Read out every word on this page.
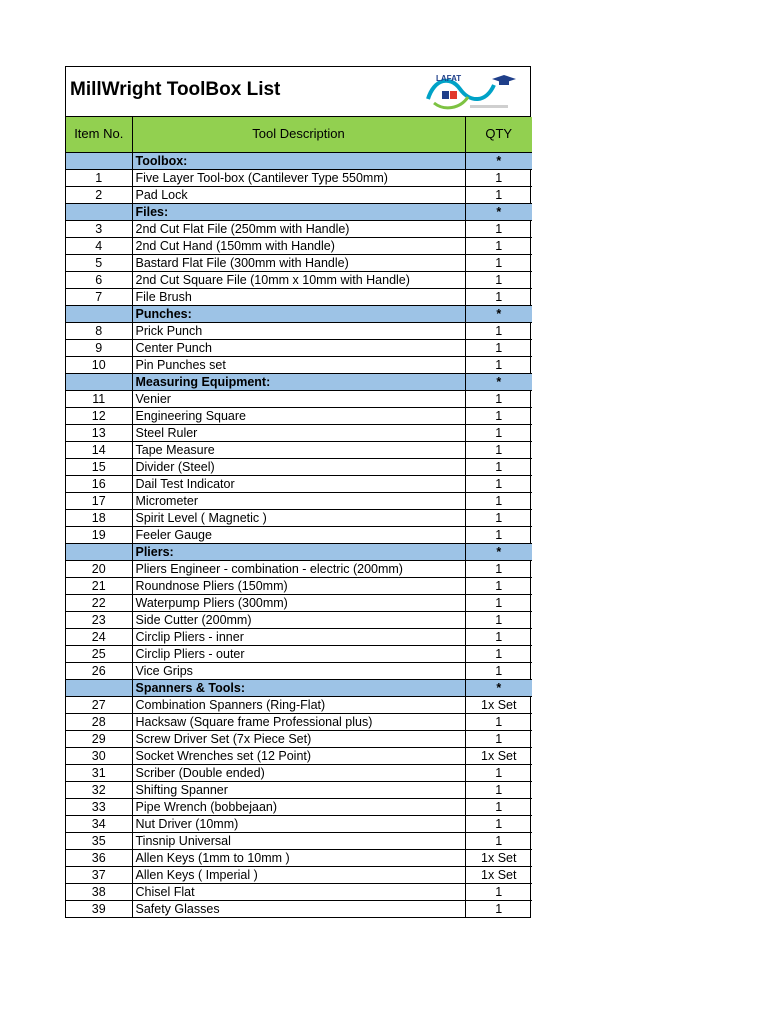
MillWright ToolBox List
LAFAT
Item No.	Tool Description	QTY
	Toolbox:	*
1	Five Layer Tool-box (Cantilever Type 550mm)	1
2	Pad Lock	1
	Files:	*
3	2nd Cut Flat File (250mm with Handle)	1
4	2nd Cut Hand (150mm with Handle)	1
5	Bastard Flat File (300mm with Handle)	1
6	2nd Cut Square File (10mm x 10mm with Handle)	1
7	File Brush	1
	Punches:	*
8	Prick Punch	1
9	Center Punch	1
10	Pin Punches set	1
	Measuring Equipment:	*
11	Venier	1
12	Engineering Square	1
13	Steel Ruler	1
14	Tape Measure	1
15	Divider (Steel)	1
16	Dail Test Indicator	1
17	Micrometer	1
18	Spirit Level ( Magnetic )	1
19	Feeler Gauge	1
	Pliers:	*
20	Pliers Engineer - combination - electric (200mm)	1
21	Roundnose Pliers (150mm)	1
22	Waterpump Pliers (300mm)	1
23	Side Cutter (200mm)	1
24	Circlip Pliers - inner	1
25	Circlip Pliers - outer	1
26	Vice Grips	1
	Spanners & Tools:	*
27	Combination Spanners (Ring-Flat)	1x Set
28	Hacksaw (Square frame Professional plus)	1
29	Screw Driver Set (7x Piece Set)	1
30	Socket Wrenches set (12 Point)	1x Set
31	Scriber (Double ended)	1
32	Shifting Spanner	1
33	Pipe Wrench (bobbejaan)	1
34	Nut Driver (10mm)	1
35	Tinsnip Universal	1
36	Allen Keys (1mm to 10mm )	1x Set
37	Allen Keys ( Imperial )	1x Set
38	Chisel Flat	1
39	Safety Glasses	1
